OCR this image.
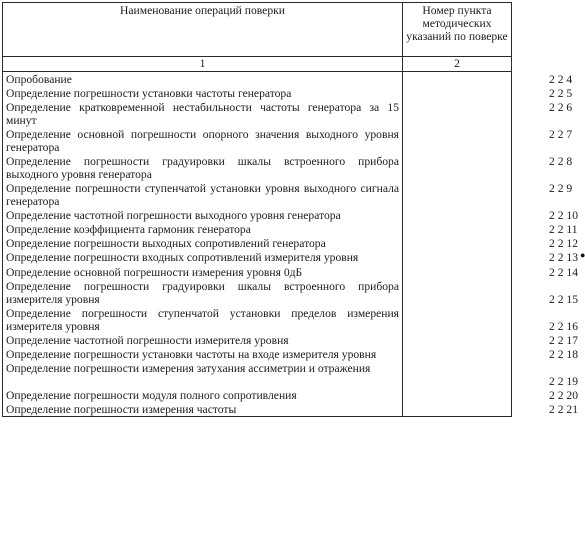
Наименование операций поверки	Номер пункта методических указаний по поверке
1	2

Опробование	2 2 4

Определение погрешности установки частоты генератора	2 2 5

Определение кратковременной нестабильности частоты генератора за 15 минут	2 2 6

Определение основной погрешности опорного значения выходного уровня генератора	2 2 7

Определение погрешности градуировки шкалы встроенного прибора выходного уровня генератора	2 2 8

Определение погрешности ступенчатой установки уровня выходного сигнала генератора	2 2 9

Определение частотной погрешности выходного уровня генератора	2 2 10

Определение коэффициента гармоник генератора	2 2 11

Определение погрешности выходных сопротивлений генератора	2 2 12

Определение погрешности входных сопротивлений измерителя уровня	2 2 13 ●

Определение основной погрешности измерения уровня 0дБ	2 2 14

Определение погрешности градуировки шкалы встроенного прибора измерителя уровня	2 2 15

Определение погрешности ступенчатой установки пределов измерения измерителя уровня	2 2 16

Определение частотной погрешности измерителя уровня	2 2 17

Определение погрешности установки частоты на входе измерителя уровня	2 2 18

Определение погрешности измерения затухания ассиметрии и отражения	2 2 19

Определение погрешности модуля полного сопротивления	2 2 20

Определение погрешности измерения частоты	2 2 21
